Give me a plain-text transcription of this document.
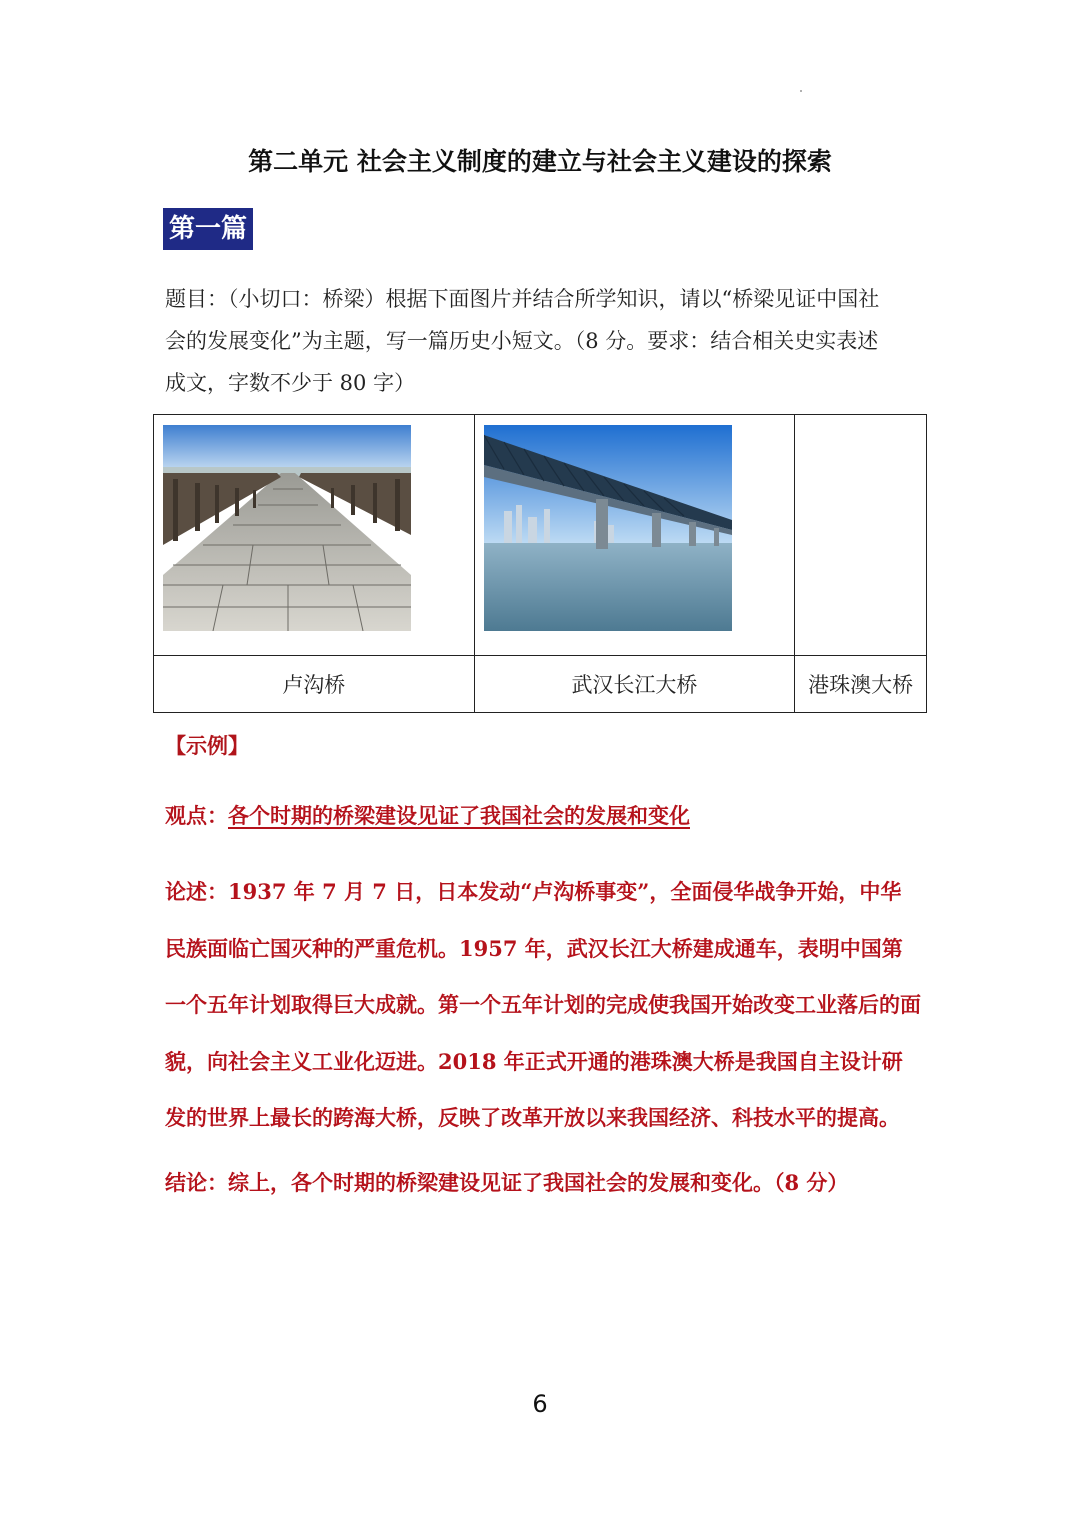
第二单元 社会主义制度的建立与社会主义建设的探索
第一篇
题目：（小切口：桥梁）根据下面图片并结合所学知识，请以“桥梁见证中国社
会的发展变化”为主题，写一篇历史小短文。（8 分。要求：结合相关史实表述
成文，字数不少于 80 字）

卢沟桥	武汉长江大桥	港珠澳大桥
【示例】
观点：各个时期的桥梁建设见证了我国社会的发展和变化
论述：1937 年 7 月 7 日，日本发动“卢沟桥事变”，全面侵华战争开始，中华民族面临亡国灭种的严重危机。1957 年，武汉长江大桥建成通车，表明中国第一个五年计划取得巨大成就。第一个五年计划的完成使我国开始改变工业落后的面貌，向社会主义工业化迈进。2018 年正式开通的港珠澳大桥是我国自主设计研发的世界上最长的跨海大桥，反映了改革开放以来我国经济、科技水平的提高。
结论：综上，各个时期的桥梁建设见证了我国社会的发展和变化。（8 分）
6
